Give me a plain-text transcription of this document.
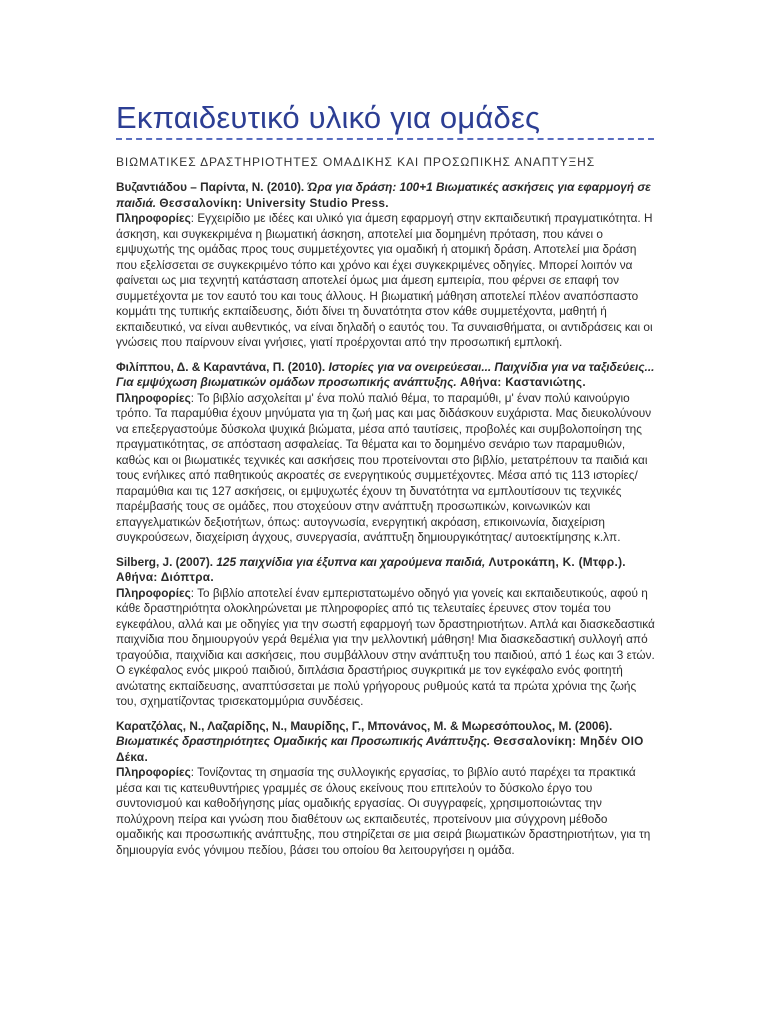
Εκπαιδευτικό υλικό για ομάδες
ΒΙΩΜΑΤΙΚΕΣ ΔΡΑΣΤΗΡΙΟΤΗΤΕΣ ΟΜΑΔΙΚΗΣ ΚΑΙ ΠΡΟΣΩΠΙΚΗΣ ΑΝΑΠΤΥΞΗΣ
Βυζαντιάδου – Παρίντα, Ν. (2010). Ώρα για δράση: 100+1 Βιωματικές ασκήσεις για εφαρμογή σε παιδιά. Θεσσαλονίκη: University Studio Press.
Πληροφορίες: Εγχειρίδιο με ιδέες και υλικό για άμεση εφαρμογή στην εκπαιδευτική πραγματικότητα. Η άσκηση, και συγκεκριμένα η βιωματική άσκηση, αποτελεί μια δομημένη πρόταση, που κάνει ο εμψυχωτής της ομάδας προς τους συμμετέχοντες για ομαδική ή ατομική δράση. Αποτελεί μια δράση που εξελίσσεται σε συγκεκριμένο τόπο και χρόνο και έχει συγκεκριμένες οδηγίες. Μπορεί λοιπόν να φαίνεται ως μια τεχνητή κατάσταση αποτελεί όμως μια άμεση εμπειρία, που φέρνει σε επαφή τον συμμετέχοντα με τον εαυτό του και τους άλλους. Η βιωματική μάθηση αποτελεί πλέον αναπόσπαστο κομμάτι της τυπικής εκπαίδευσης, διότι δίνει τη δυνατότητα στον κάθε συμμετέχοντα, μαθητή ή εκπαιδευτικό, να είναι αυθεντικός, να είναι δηλαδή ο εαυτός του. Τα συναισθήματα, οι αντιδράσεις και οι γνώσεις που παίρνουν είναι γνήσιες, γιατί προέρχονται από την προσωπική εμπλοκή.
Φιλίππου, Δ. & Καραντάνα, Π. (2010). Ιστορίες για να ονειρεύεσαι... Παιχνίδια για να ταξιδεύεις... Για εμψύχωση βιωματικών ομάδων προσωπικής ανάπτυξης. Αθήνα: Καστανιώτης.
Πληροφορίες: Το βιβλίο ασχολείται μ' ένα πολύ παλιό θέμα, το παραμύθι, μ' έναν πολύ καινούργιο τρόπο. Τα παραμύθια έχουν μηνύματα για τη ζωή μας και μας διδάσκουν ευχάριστα. Μας διευκολύνουν να επεξεργαστούμε δύσκολα ψυχικά βιώματα, μέσα από ταυτίσεις, προβολές και συμβολοποίηση της πραγματικότητας, σε απόσταση ασφαλείας. Τα θέματα και το δομημένο σενάριο των παραμυθιών, καθώς και οι βιωματικές τεχνικές και ασκήσεις που προτείνονται στο βιβλίο, μετατρέπουν τα παιδιά και τους ενήλικες από παθητικούς ακροατές σε ενεργητικούς συμμετέχοντες. Μέσα από τις 113 ιστορίες/παραμύθια και τις 127 ασκήσεις, οι εμψυχωτές έχουν τη δυνατότητα να εμπλουτίσουν τις τεχνικές παρέμβασής τους σε ομάδες, που στοχεύουν στην ανάπτυξη προσωπικών, κοινωνικών και επαγγελματικών δεξιοτήτων, όπως: αυτογνωσία, ενεργητική ακρόαση, επικοινωνία, διαχείριση συγκρούσεων, διαχείριση άγχους, συνεργασία, ανάπτυξη δημιουργικότητας/ αυτοεκτίμησης κ.λπ.
Silberg, J. (2007). 125 παιχνίδια για έξυπνα και χαρούμενα παιδιά, Λυτροκάπη, Κ. (Μτφρ.). Αθήνα: Διόπτρα.
Πληροφορίες: Το βιβλίο αποτελεί έναν εμπεριστατωμένο οδηγό για γονείς και εκπαιδευτικούς, αφού η κάθε δραστηριότητα ολοκληρώνεται με πληροφορίες από τις τελευταίες έρευνες στον τομέα του εγκεφάλου, αλλά και με οδηγίες για την σωστή εφαρμογή των δραστηριοτήτων. Απλά και διασκεδαστικά παιχνίδια που δημιουργούν γερά θεμέλια για την μελλοντική μάθηση! Μια διασκεδαστική συλλογή από τραγούδια, παιχνίδια και ασκήσεις, που συμβάλλουν στην ανάπτυξη του παιδιού, από 1 έως και 3 ετών. Ο εγκέφαλος ενός μικρού παιδιού, διπλάσια δραστήριος συγκριτικά με τον εγκέφαλο ενός φοιτητή ανώτατης εκπαίδευσης, αναπτύσσεται με πολύ γρήγορους ρυθμούς κατά τα πρώτα χρόνια της ζωής του, σχηματίζοντας τρισεκατομμύρια συνδέσεις.
Καρατζόλας, Ν., Λαζαρίδης, Ν., Μαυρίδης, Γ., Μπονάνος, Μ. & Μωρεσόπουλος, Μ. (2006). Βιωματικές δραστηριότητες Ομαδικής και Προσωπικής Ανάπτυξης. Θεσσαλονίκη: Μηδέν ΟΙΟ Δέκα.
Πληροφορίες: Τονίζοντας τη σημασία της συλλογικής εργασίας, το βιβλίο αυτό παρέχει τα πρακτικά μέσα και τις κατευθυντήριες γραμμές σε όλους εκείνους που επιτελούν το δύσκολο έργο του συντονισμού και καθοδήγησης μίας ομαδικής εργασίας. Οι συγγραφείς, χρησιμοποιώντας την πολύχρονη πείρα και γνώση που διαθέτουν ως εκπαιδευτές, προτείνουν μια σύγχρονη μέθοδο ομαδικής και προσωπικής ανάπτυξης, που στηρίζεται σε μια σειρά βιωματικών δραστηριοτήτων, για τη δημιουργία ενός γόνιμου πεδίου, βάσει του οποίου θα λειτουργήσει η ομάδα.
